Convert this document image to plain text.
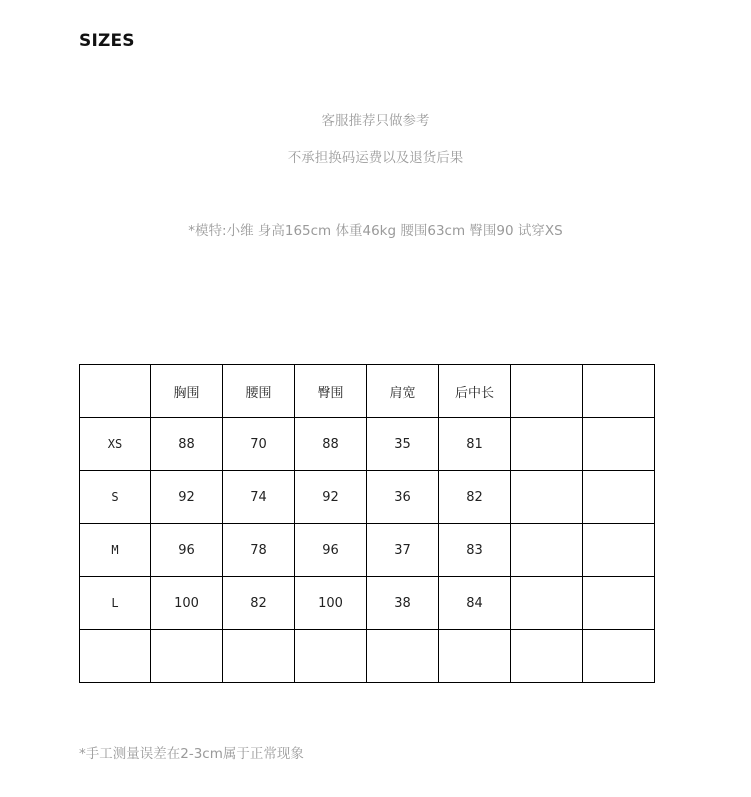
SIZES
客服推荐只做参考
不承担换码运费以及退货后果
*模特:小维 身高165cm 体重46kg 腰围63cm 臀围90 试穿XS
	胸围	腰围	臀围	肩宽	后中长		
XS	88	70	88	35	81		
S	92	74	92	36	82		
M	96	78	96	37	83		
L	100	82	100	38	84		

*手工测量误差在2-3cm属于正常现象
